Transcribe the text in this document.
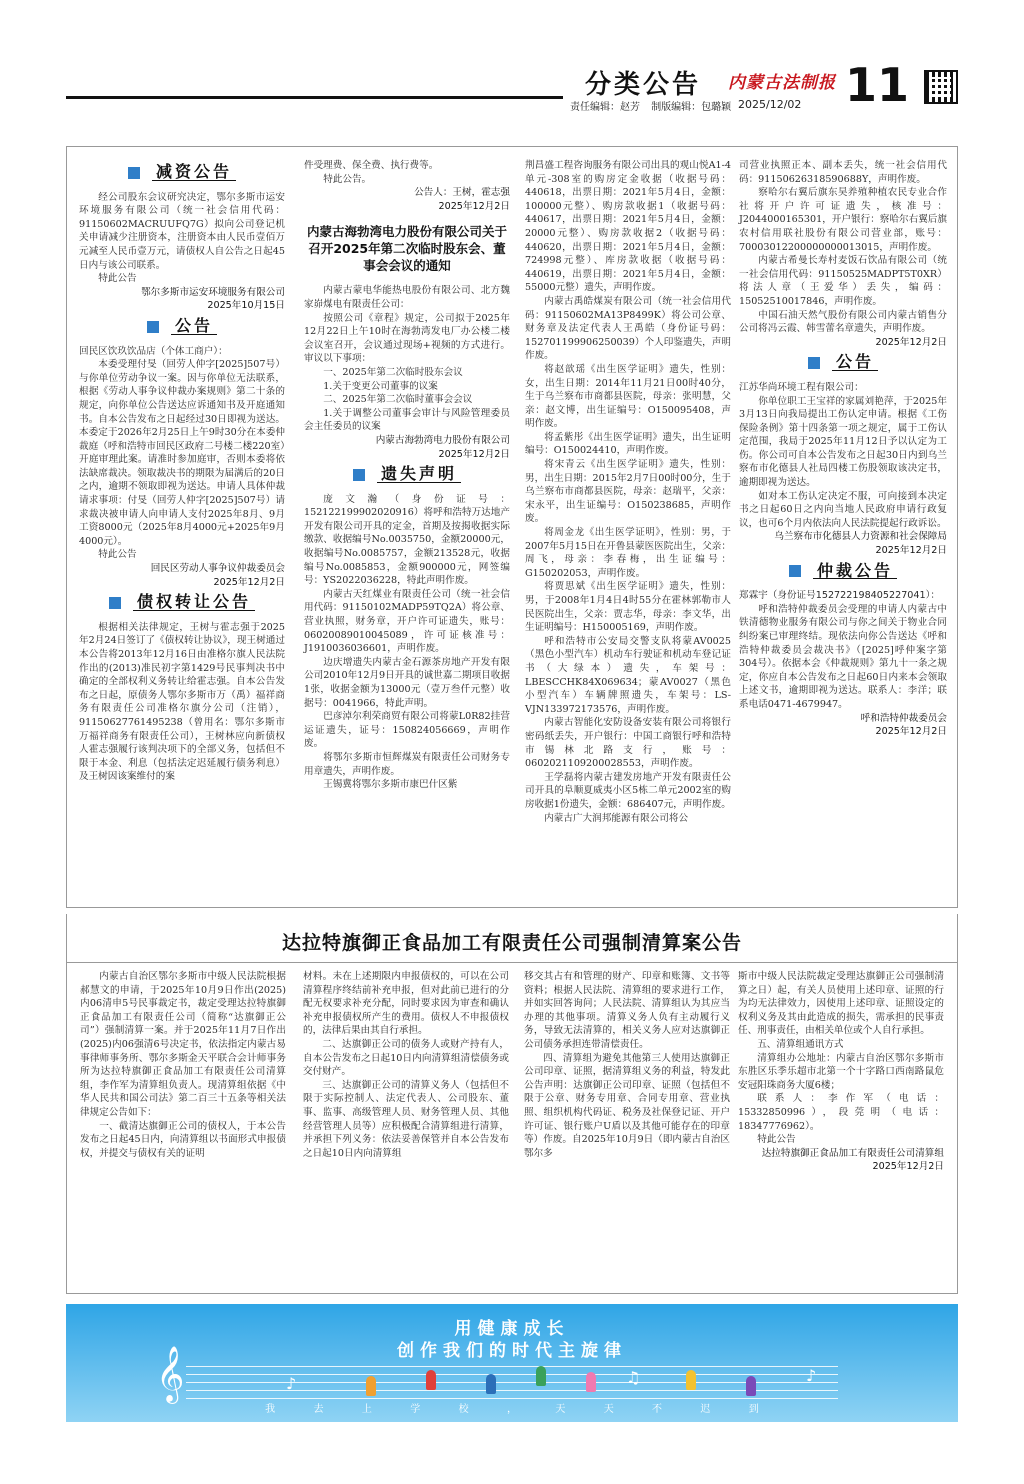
分类公告 内蒙古法制报 11
责任编辑：赵芳 制版编辑：包璐颖 2025/12/02
减资公告

经公司股东会议研究决定，鄂尔多斯市运安环境服务有限公司（统一社会信用代码：91150602MACRUUFQ7G）拟向公司登记机关申请减少注册资本，注册资本由人民币壹佰万元减至人民币壹万元，请债权人自公告之日起45日内与该公司联系。

特此公告

鄂尔多斯市运安环境服务有限公司

2025年10月15日

公告

回民区饮玖饮品店（个体工商户）：

本委受理付旻（回劳人仲字[2025]507号）与你单位劳动争议一案。因与你单位无法联系，根据《劳动人事争议仲裁办案规则》第二十条的规定，向你单位公告送达应诉通知书及开庭通知书。自本公告发布之日起经过30日即视为送达。本委定于2026年2月25日上午9时30分在本委仲裁庭（呼和浩特市回民区政府二号楼二楼220室）开庭审理此案。请准时参加庭审，否则本委将依法缺席裁决。领取裁决书的期限为届满后的20日之内，逾期不领取即视为送达。申请人具体仲裁请求事项：付旻（回劳人仲字[2025]507号）请求裁决被申请人向申请人支付2025年8月、9月工资8000元（2025年8月4000元+2025年9月4000元）。

特此公告

回民区劳动人事争议仲裁委员会

2025年12月2日

债权转让公告

根据相关法律规定，王树与霍志强于2025年2月24日签订了《债权转让协议》，现王树通过本公告将2013年12月16日由准格尔旗人民法院作出的(2013)准民初字第1429号民事判决书中确定的全部权利义务转让给霍志强。自本公告发布之日起，原债务人鄂尔多斯市万（禹）福祥商务有限责任公司准格尔旗分公司（注销），91150627761495238（曾用名：鄂尔多斯市万福祥商务有限责任公司），王树林应向新债权人霍志强履行该判决项下的全部义务，包括但不限于本金、利息（包括法定迟延履行债务利息）及王树因该案维付的案

件受理费、保全费、执行费等。

特此公告。

公告人：王树，霍志强

2025年12月2日

内蒙古海勃湾电力股份有限公司关于召开2025年第二次临时股东会、董事会会议的通知

内蒙古蒙电华能热电股份有限公司、北方魏家峁煤电有限责任公司：

按照公司《章程》规定，公司拟于2025年12月22日上午10时在海勃湾发电厂办公楼二楼会议室召开，会议通过现场+视频的方式进行。审议以下事项：

一、2025年第二次临时股东会议

1.关于变更公司董事的议案

二、2025年第二次临时董事会会议

1.关于调整公司董事会审计与风险管理委员会主任委员的议案

内蒙古海勃湾电力股份有限公司

2025年12月2日

遗失声明

庞文瀚（身份证号：152122199902020916）将呼和浩特万达地产开发有限公司开具的定金，首期及按揭收据实际缴款、收据编号No.0035750，金额20000元，收据编号No.0085757，金额213528元，收据编号No.0085853，金额900000元，网签编号：YS2022036228，特此声明作废。

内蒙古天红煤业有限责任公司（统一社会信用代码：91150102MADP59TQ2A）将公章、营业执照，财务章，开户许可证遗失，账号：0602008901004508​9，许可证核准号：J1910036036601，声明作废。

边庆增遗失内蒙古金石源茶房地产开发有限公司2010年12月9日开具的诚世嘉二期项目收据1张，收据金额为13000元（壹万叁仟元整）收据号：0041966，特此声明。

巴彦淖尔利荣商贸有限公司将蒙L0R82挂营运证遗失，证号：150824056669，声明作废。

将鄂尔多斯市恒辉煤炭有限责任公司财务专用章遗失，声明作废。

王锡冀将鄂尔多斯市康巴什区紫

荆昌盛工程咨询服务有限公司出具的观山悦A1-4单元-308室的购房定金收据（收据号码：440618，出票日期：2021年5月4日，金额：100000元整）、购房款收据1（收据号码：440617，出票日期：2021年5月4日，金额：20000元整）、购房款收据2（收据号码：440620，出票日期：2021年5月4日，金额：724998元整）、库房款收据（收据号码：440619，出票日期：2021年5月4日，金额：55000元整）遗失，声明作废。

内蒙古禹皓煤炭有限公司（统一社会信用代码：91150602MA13P8499K）将公司公章、财务章及法定代表人王禹皓（身份证号码：152701199906250039）个人印鉴遗失，声明作废。

将赵歆瑶《出生医学证明》遗失，性别：女，出生日期：2014年11月21日00时40分，生于乌兰察布市商都县医院，母亲：张明慧，父亲：赵文博，出生证编号：O150095408，声明作废。

将孟紫彤《出生医学证明》遗失，出生证明编号：O150024410，声明作废。

将宋青云《出生医学证明》遗失，性别：男，出生日期：2015年2月7日00时00分，生于乌兰察布市商都县医院，母亲：赵瑞平，父亲：宋永平，出生证编号：O150238685，声明作废。

将周金龙《出生医学证明》，性别：男，于2007年5月15日在开鲁县蒙医医院出生，父亲：周飞，母亲：李春梅，出生证编号：G150202053，声明作废。

将贾思斌《出生医学证明》遗失，性别：男，于2008年1月4日4时55分在霍林郭勒市人民医院出生，父亲：贾志华，母亲：李文华，出生证明编号：H150005169，声明作废。

呼和浩特市公安局交警支队将蒙AV0025（黑色小型汽车）机动车行驶证和机动车登记证书（大绿本）遗失，车架号：LBESCCHK84X069634；蒙AV0027（黑色小型汽车）车辆牌照遗失，车架号：LS-VJN133972173576，声明作废。

内蒙古智能化安防设备安装有限公司将银行密码纸丢失，开户银行：中国工商银行呼和浩特市锡林北路支行，账号：0602021109200028553，声明作废。

王学磊将内蒙古建发房地产开发有限责任公司开具的阜顺夏威夷小区5栋二单元2002室的购房收据1份遗失，金额：686407元，声明作废。

内蒙古广大润邦能源有限公司将公

司营业执照正本、副本丢失，统一社会信用代码：91150626318590688Y，声明作废。

察哈尔右翼后旗东昊养殖种植农民专业合作社将开户许可证遗失，核准号：J2044000165301，开户银行：察哈尔右翼后旗农村信用联社股份有限公司营业部，账号：70003012200000000013015，声明作废。

内蒙古希曼长寿村麦饭石饮品有限公司（统一社会信用代码：91150525MADPT5T0XR）将法人章（王爱华）丢失，编码：15052510017846，声明作废。

中国石油天然气股份有限公司内蒙古销售分公司将冯云霞、韩雪蕾名章遗失，声明作废。

2025年12月2日

公告

江苏华尚环境工程有限公司：

你单位职工王宝祥的家属刘艳萍，于2025年3月13日向我局提出工伤认定申请。根据《工伤保险条例》第十四条第一项之规定，属于工伤认定范围，我局于2025年11月12日予以认定为工伤。你公司可自本公告发布之日起30日内到乌兰察布市化德县人社局四楼工伤股领取该决定书，逾期即视为送达。

如对本工伤认定决定不服，可向接到本决定书之日起60日之内向当地人民政府申请行政复议，也可6个月内依法向人民法院提起行政诉讼。

乌兰察布市化德县人力资源和社会保障局

2025年12月2日

仲裁公告

郑霖宇（身份证号152722198405227041）：

呼和浩特仲裁委员会受理的申请人内蒙古中铁清德物业服务有限公司与你之间关于物业合同纠纷案已审理终结。现依法向你公告送达《呼和浩特仲裁委员会裁决书》（[2025]呼仲案字第304号）。依据本会《仲裁规则》第九十一条之规定，你应自本公告发布之日起60日内来本会领取上述文书，逾期即视为送达。联系人：李洋；联系电话0471-4679947。

呼和浩特仲裁委员会

2025年12月2日

达拉特旗御正食品加工有限责任公司强制清算案公告

内蒙古自治区鄂尔多斯市中级人民法院根据郝慧文的申请，于2025年10月9日作出(2025)内06清申5号民事裁定书，裁定受理达拉特旗御正食品加工有限责任公司（简称“达旗御正公司”）强制清算一案。并于2025年11月7日作出(2025)内06强清6号决定书，依法指定内蒙古易事律师事务所、鄂尔多斯金天平联合会计师事务所为达拉特旗御正食品加工有限责任公司清算组，李作军为清算组负责人。现清算组依据《中华人民共和国公司法》第二百三十五条等相关法律规定公告如下：

一、截清达旗御正公司的债权人，于本公告发布之日起45日内，向清算组以书面形式申报债权，并提交与债权有关的证明

材料。未在上述期限内申报债权的，可以在公司清算程序终结前补充申报，但对此前已进行的分配无权要求补充分配，同时要求因为审查和确认补充申报债权所产生的费用。债权人不申报债权的，法律后果由其自行承担。

二、达旗御正公司的债务人或财产持有人，自本公告发布之日起10日内向清算组清偿债务或交付财产。

三、达旗御正公司的清算义务人（包括但不限于实际控制人、法定代表人、公司股东、董事、监事、高级管理人员、财务管理人员、其他经营管理人员等）应积极配合清算组进行清算，并承担下列义务：依法妥善保管并自本公告发布之日起10日内向清算组

移交其占有和管理的财产、印章和账簿、文书等资料；根据人民法院、清算组的要求进行工作，并如实回答询问；人民法院、清算组认为其应当办理的其他事项。清算义务人负有主动履行义务，导致无法清算的，相关义务人应对达旗御正公司债务承担连带清偿责任。

四、清算组为避免其他第三人使用达旗御正公司印章、证照，据清算组义务的利益，特发此公告声明：达旗御正公司印章、证照（包括但不限于公章、财务专用章、合同专用章、营业执照、组织机构代码证、税务及社保登记证、开户许可证、银行账户U盾以及其他可能存在的印章等）作废。自2025年10月9日（即内蒙古自治区鄂尔多

斯市中级人民法院裁定受理达旗御正公司强制清算之日）起，有关人员使用上述印章、证照的行为均无法律效力，因使用上述印章、证照设定的权利义务及其由此造成的损失，需承担的民事责任、刑事责任，由相关单位或个人自行承担。

五、清算组通讯方式

清算组办公地址：内蒙古自治区鄂尔多斯市东胜区乐季乐超市北第一个十字路口西南路鼠危安冠阳珠商务大厦6楼；

联系人：李作军（电话：15332850996），段莞明（电话：18347776962）。

特此公告

达拉特旗御正食品加工有限责任公司清算组

2025年12月2日

用健康成长
创作我们的时代主旋律
𝄞	♪	♫	♪
我	去	上	学	校	，	天	天	不	迟	到
